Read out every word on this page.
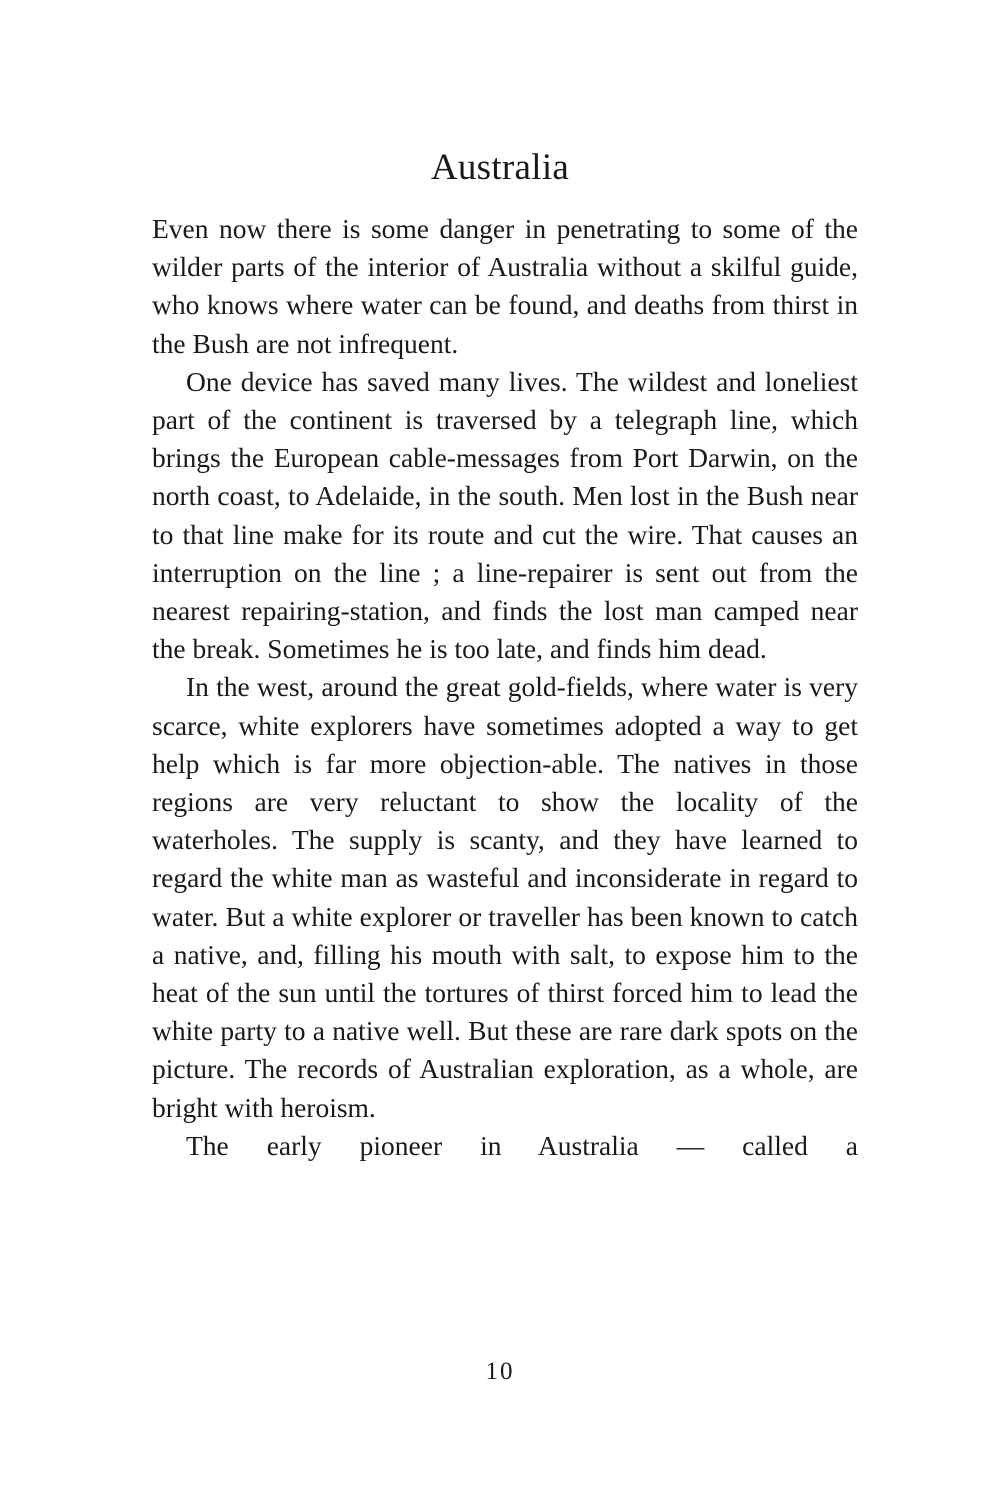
Australia

Even now there is some danger in penetrating to some of the wilder parts of the interior of Australia without a skilful guide, who knows where water can be found, and deaths from thirst in the Bush are not infrequent.

One device has saved many lives. The wildest and loneliest part of the continent is traversed by a telegraph line, which brings the European cable-messages from Port Darwin, on the north coast, to Adelaide, in the south. Men lost in the Bush near to that line make for its route and cut the wire. That causes an interruption on the line ; a line-repairer is sent out from the nearest repairing-station, and finds the lost man camped near the break. Sometimes he is too late, and finds him dead.

In the west, around the great gold-fields, where water is very scarce, white explorers have sometimes adopted a way to get help which is far more objection-able. The natives in those regions are very reluctant to show the locality of the waterholes. The supply is scanty, and they have learned to regard the white man as wasteful and inconsiderate in regard to water. But a white explorer or traveller has been known to catch a native, and, filling his mouth with salt, to expose him to the heat of the sun until the tortures of thirst forced him to lead the white party to a native well. But these are rare dark spots on the picture. The records of Australian exploration, as a whole, are bright with heroism.

The early pioneer in Australia — called a

10
